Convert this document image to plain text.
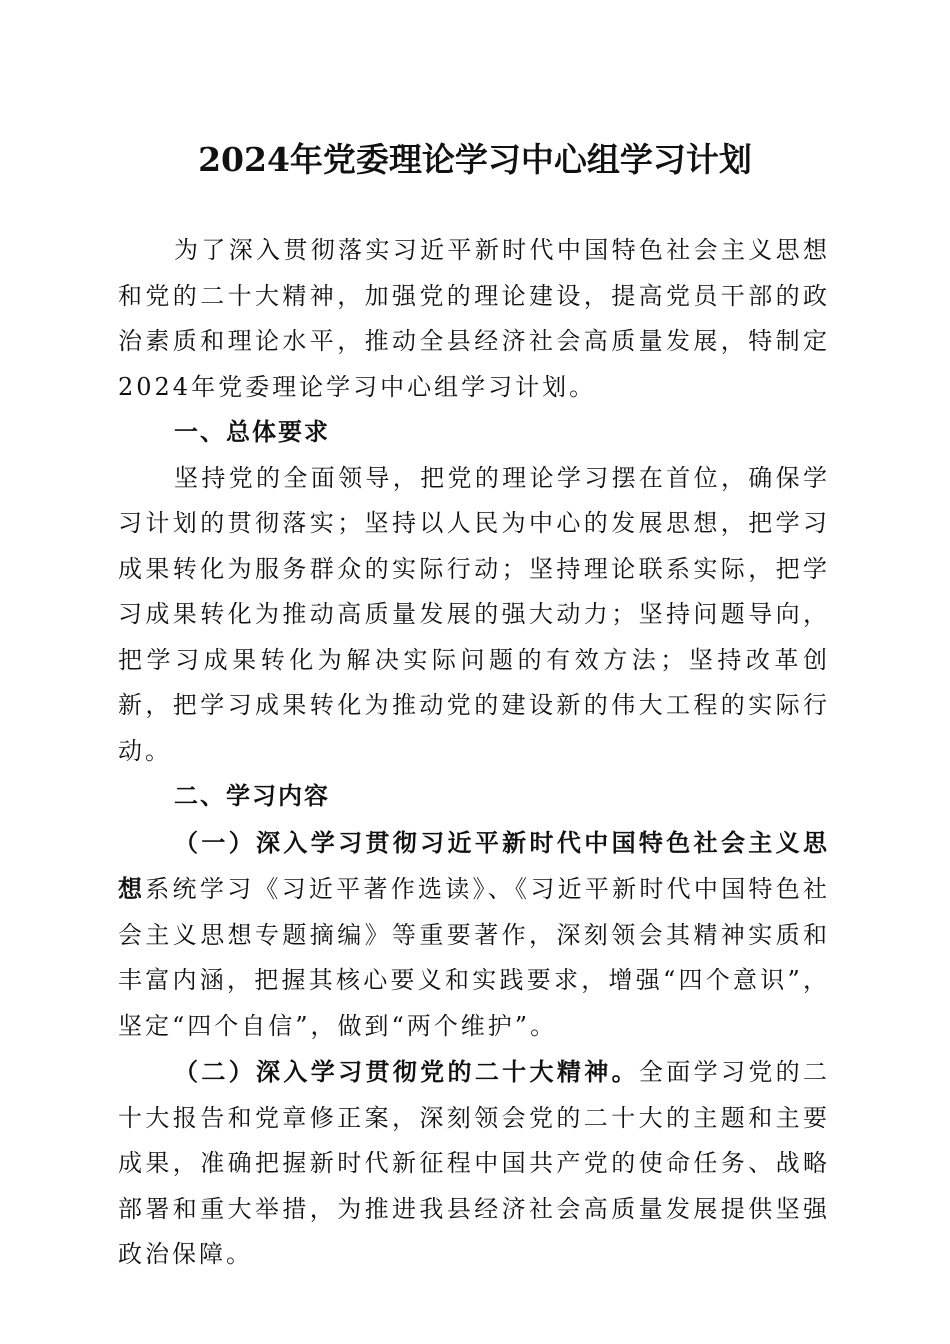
2024年党委理论学习中心组学习计划

为了深入贯彻落实习近平新时代中国特色社会主义思想和党的二十大精神，加强党的理论建设，提高党员干部的政治素质和理论水平，推动全县经济社会高质量发展，特制定2024年党委理论学习中心组学习计划。

一、总体要求

坚持党的全面领导，把党的理论学习摆在首位，确保学习计划的贯彻落实；坚持以人民为中心的发展思想，把学习成果转化为服务群众的实际行动；坚持理论联系实际，把学习成果转化为推动高质量发展的强大动力；坚持问题导向，把学习成果转化为解决实际问题的有效方法；坚持改革创新，把学习成果转化为推动党的建设新的伟大工程的实际行动。

二、学习内容

（一）深入学习贯彻习近平新时代中国特色社会主义思想系统学习《习近平著作选读》、《习近平新时代中国特色社会主义思想专题摘编》等重要著作，深刻领会其精神实质和丰富内涵，把握其核心要义和实践要求，增强“四个意识”，坚定“四个自信”，做到“两个维护”。

（二）深入学习贯彻党的二十大精神。全面学习党的二十大报告和党章修正案，深刻领会党的二十大的主题和主要成果，准确把握新时代新征程中国共产党的使命任务、战略部署和重大举措，为推进我县经济社会高质量发展提供坚强政治保障。
